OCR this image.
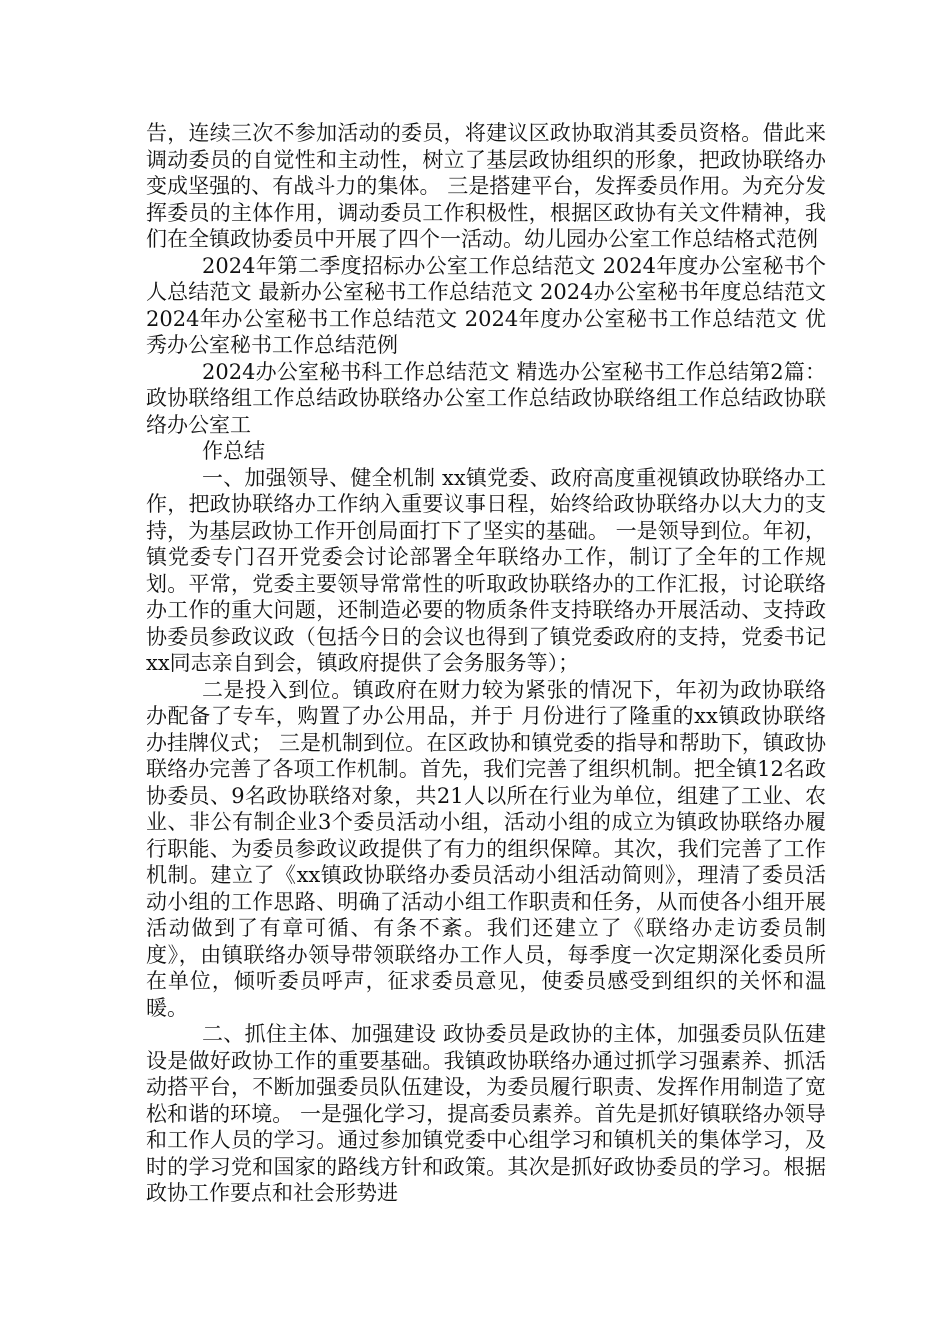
告，连续三次不参加活动的委员，将建议区政协取消其委员资格。借此来调动委员的自觉性和主动性，树立了基层政协组织的形象，把政协联络办变成坚强的、有战斗力的集体。 三是搭建平台，发挥委员作用。为充分发挥委员的主体作用，调动委员工作积极性，根据区政协有关文件精神，我们在全镇政协委员中开展了四个一活动。幼儿园办公室工作总结格式范例

2024年第二季度招标办公室工作总结范文 2024年度办公室秘书个人总结范文 最新办公室秘书工作总结范文 2024办公室秘书年度总结范文 2024年办公室秘书工作总结范文 2024年度办公室秘书工作总结范文 优秀办公室秘书工作总结范例

2024办公室秘书科工作总结范文 精选办公室秘书工作总结第2篇：政协联络组工作总结政协联络办公室工作总结政协联络组工作总结政协联络办公室工

作总结

一、加强领导、健全机制 xx镇党委、政府高度重视镇政协联络办工作，把政协联络办工作纳入重要议事日程，始终给政协联络办以大力的支持，为基层政协工作开创局面打下了坚实的基础。 一是领导到位。年初，镇党委专门召开党委会讨论部署全年联络办工作，制订了全年的工作规划。平常，党委主要领导常常性的听取政协联络办的工作汇报，讨论联络办工作的重大问题，还制造必要的物质条件支持联络办开展活动、支持政协委员参政议政（包括今日的会议也得到了镇党委政府的支持，党委书记xx同志亲自到会，镇政府提供了会务服务等）；

二是投入到位。镇政府在财力较为紧张的情况下，年初为政协联络办配备了专车，购置了办公用品，并于 月份进行了隆重的xx镇政协联络办挂牌仪式； 三是机制到位。在区政协和镇党委的指导和帮助下，镇政协联络办完善了各项工作机制。首先，我们完善了组织机制。把全镇12名政协委员、9名政协联络对象，共21人以所在行业为单位，组建了工业、农业、非公有制企业3个委员活动小组，活动小组的成立为镇政协联络办履行职能、为委员参政议政提供了有力的组织保障。其次，我们完善了工作机制。建立了《xx镇政协联络办委员活动小组活动简则》，理清了委员活动小组的工作思路、明确了活动小组工作职责和任务，从而使各小组开展活动做到了有章可循、有条不紊。我们还建立了《联络办走访委员制度》，由镇联络办领导带领联络办工作人员，每季度一次定期深化委员所在单位，倾听委员呼声，征求委员意见，使委员感受到组织的关怀和温暖。

二、抓住主体、加强建设 政协委员是政协的主体，加强委员队伍建设是做好政协工作的重要基础。我镇政协联络办通过抓学习强素养、抓活动搭平台，不断加强委员队伍建设，为委员履行职责、发挥作用制造了宽松和谐的环境。 一是强化学习，提高委员素养。首先是抓好镇联络办领导和工作人员的学习。通过参加镇党委中心组学习和镇机关的集体学习，及时的学习党和国家的路线方针和政策。其次是抓好政协委员的学习。根据政协工作要点和社会形势进
